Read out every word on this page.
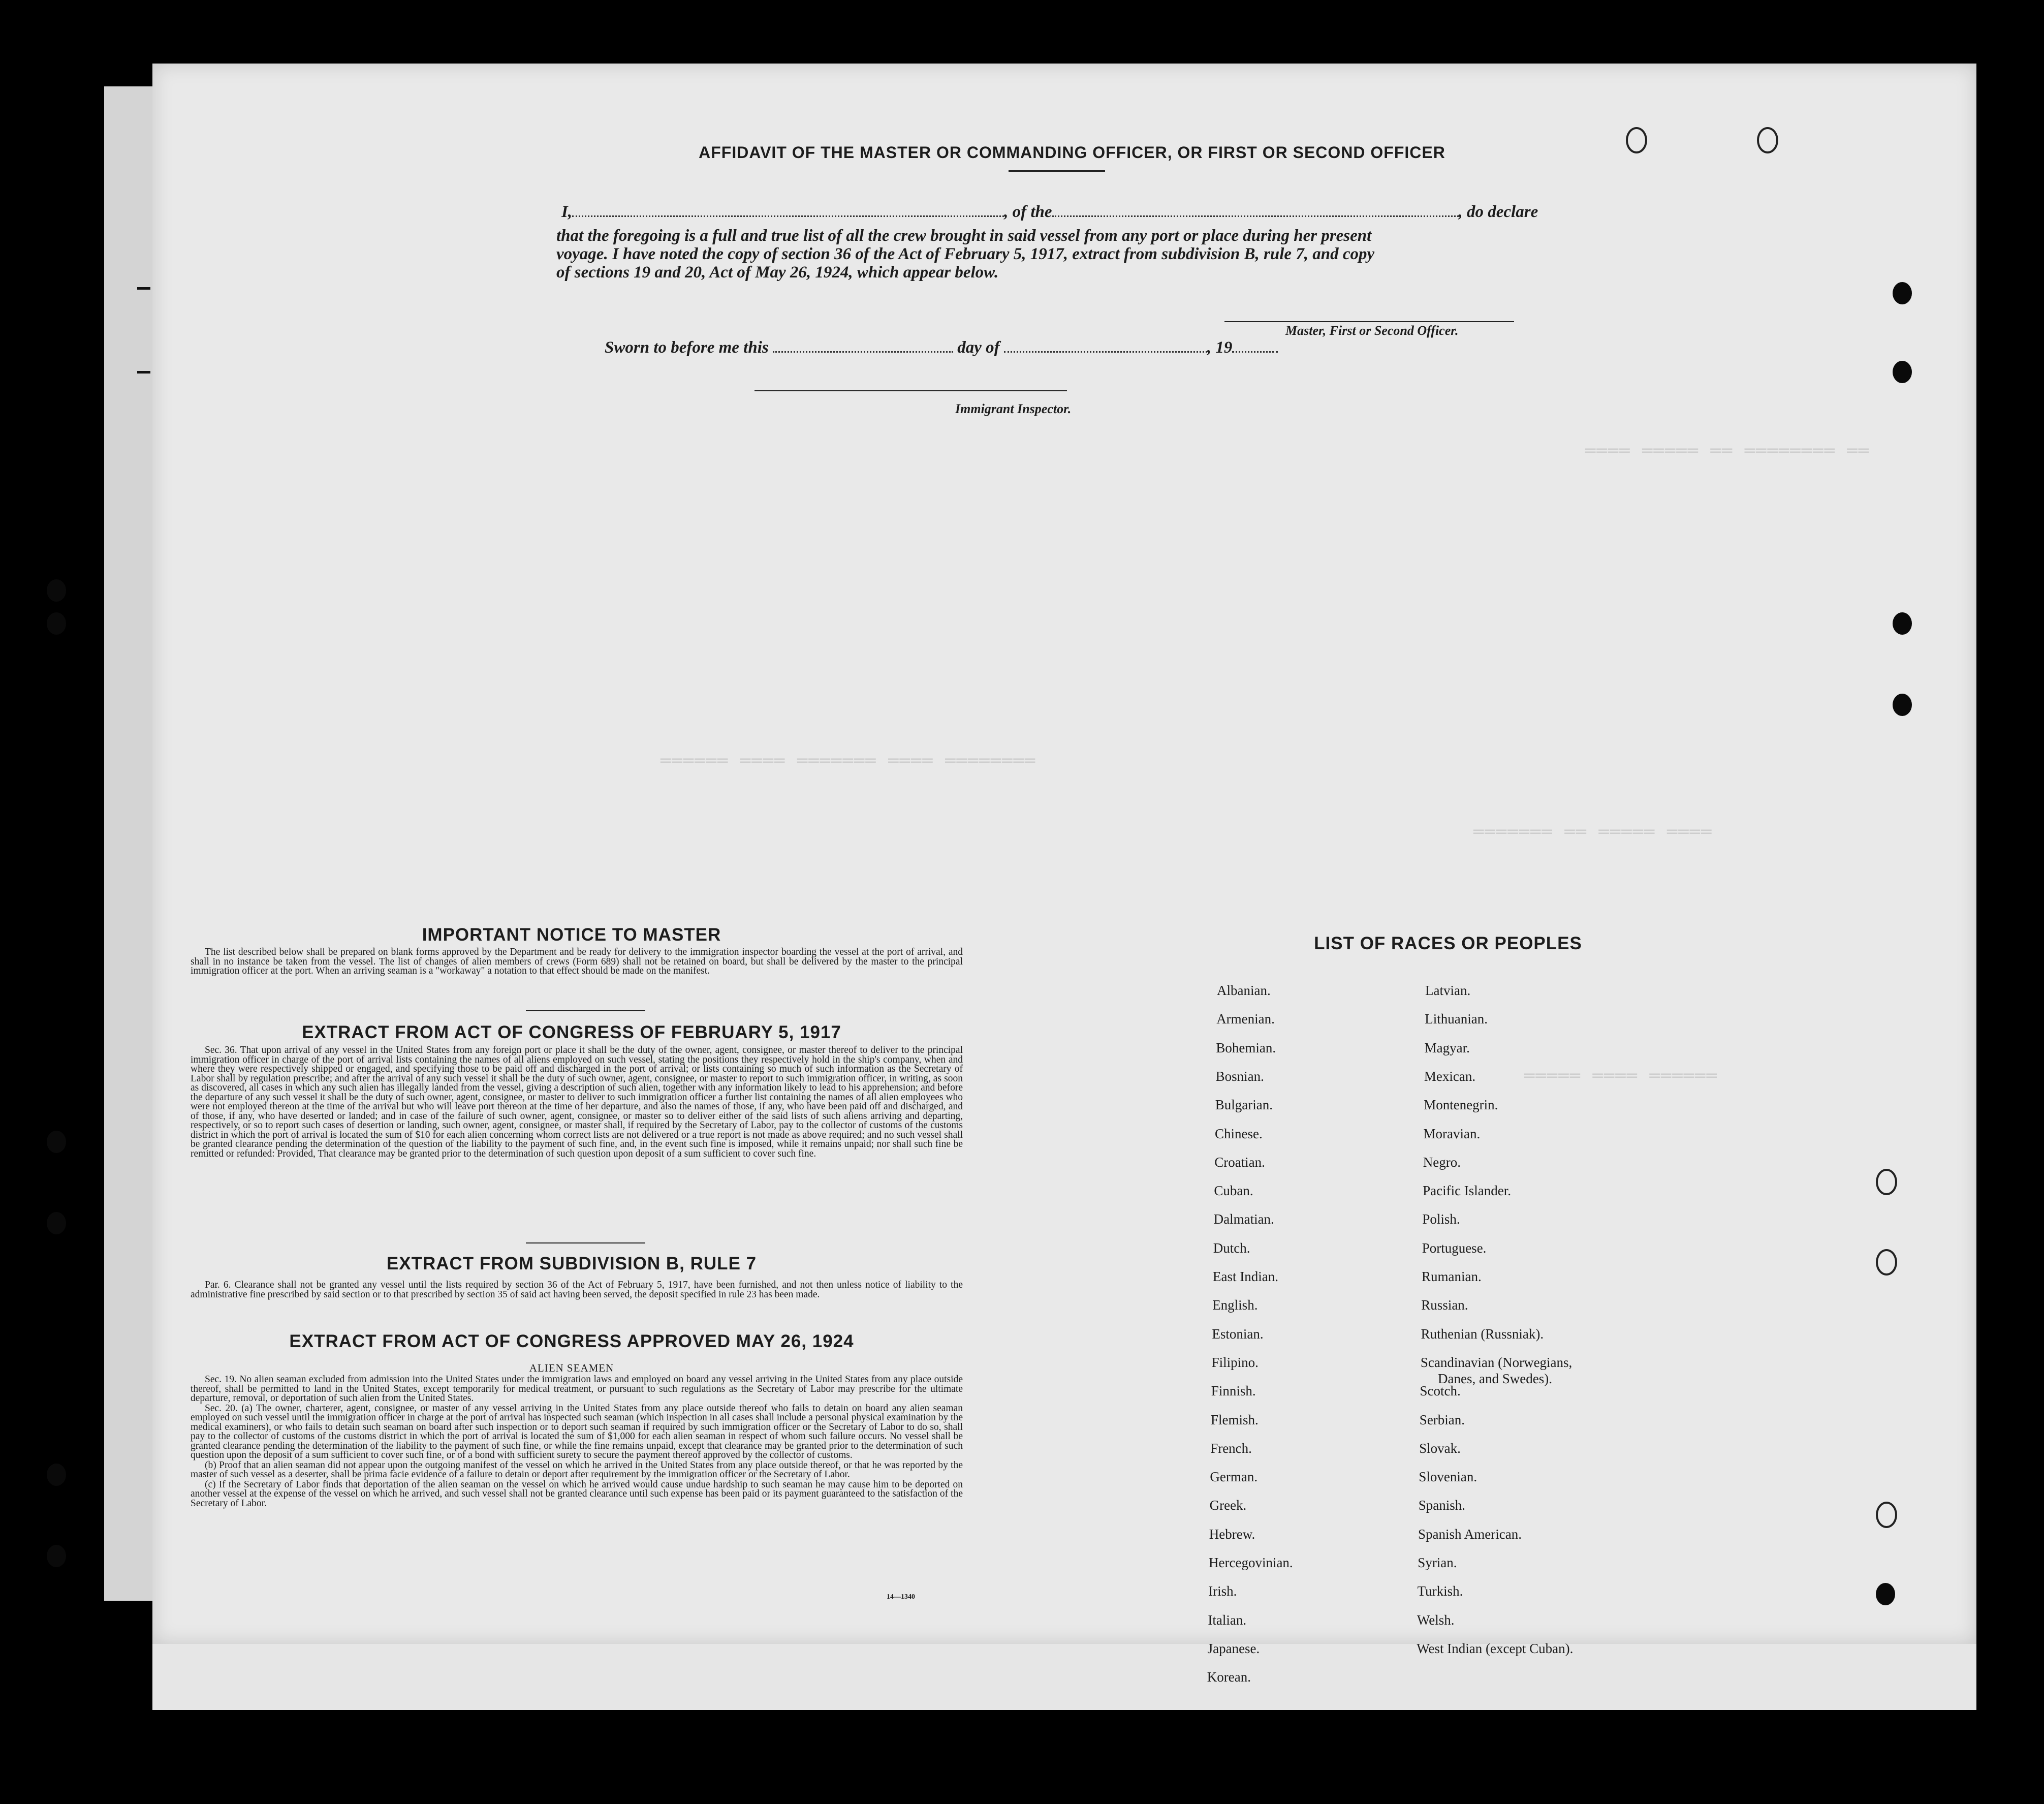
════ ═════ ══ ════════ ══
══════ ════ ═══════ ════ ════════
═══════ ══ ═════ ════
═════ ════ ══════
AFFIDAVIT OF THE MASTER OR COMMANDING OFFICER, OR FIRST OR SECOND OFFICER
I,	, of the	, do declare
that the foregoing is a full and true list of all the crew brought in said vessel from any port or place during her present
voyage. I have noted the copy of section 36 of the Act of February 5, 1917, extract from subdivision B, rule 7, and copy
of sections 19 and 20, Act of May 26, 1924, which appear below.
Master, First or Second Officer.
Sworn to before me this	day of	, 19
Immigrant Inspector.
IMPORTANT NOTICE TO MASTER

The list described below shall be prepared on blank forms approved by the Department and be ready for delivery to the immigration inspector boarding the vessel at the port of arrival, and shall in no instance be taken from the vessel. The list of changes of alien members of crews (Form 689) shall not be retained on board, but shall be delivered by the master to the principal immigration officer at the port. When an arriving seaman is a "workaway" a notation to that effect should be made on the manifest.

EXTRACT FROM ACT OF CONGRESS OF FEBRUARY 5, 1917

Sec. 36. That upon arrival of any vessel in the United States from any foreign port or place it shall be the duty of the owner, agent, consignee, or master thereof to deliver to the principal immigration officer in charge of the port of arrival lists containing the names of all aliens employed on such vessel, stating the positions they respectively hold in the ship's company, when and where they were respectively shipped or engaged, and specifying those to be paid off and discharged in the port of arrival; or lists containing so much of such information as the Secretary of Labor shall by regulation prescribe; and after the arrival of any such vessel it shall be the duty of such owner, agent, consignee, or master to report to such immigration officer, in writing, as soon as discovered, all cases in which any such alien has illegally landed from the vessel, giving a description of such alien, together with any information likely to lead to his apprehension; and before the departure of any such vessel it shall be the duty of such owner, agent, consignee, or master to deliver to such immigration officer a further list containing the names of all alien employees who were not employed thereon at the time of the arrival but who will leave port thereon at the time of her departure, and also the names of those, if any, who have been paid off and discharged, and of those, if any, who have deserted or landed; and in case of the failure of such owner, agent, consignee, or master so to deliver either of the said lists of such aliens arriving and departing, respectively, or so to report such cases of desertion or landing, such owner, agent, consignee, or master shall, if required by the Secretary of Labor, pay to the collector of customs of the customs district in which the port of arrival is located the sum of $10 for each alien concerning whom correct lists are not delivered or a true report is not made as above required; and no such vessel shall be granted clearance pending the determination of the question of the liability to the payment of such fine, and, in the event such fine is imposed, while it remains unpaid; nor shall such fine be remitted or refunded: Provided, That clearance may be granted prior to the determination of such question upon deposit of a sum sufficient to cover such fine.

EXTRACT FROM SUBDIVISION B, RULE 7

Par. 6. Clearance shall not be granted any vessel until the lists required by section 36 of the Act of February 5, 1917, have been furnished, and not then unless notice of liability to the administrative fine prescribed by said section or to that prescribed by section 35 of said act having been served, the deposit specified in rule 23 has been made.

EXTRACT FROM ACT OF CONGRESS APPROVED MAY 26, 1924
ALIEN SEAMEN

Sec. 19. No alien seaman excluded from admission into the United States under the immigration laws and employed on board any vessel arriving in the United States from any place outside thereof, shall be permitted to land in the United States, except temporarily for medical treatment, or pursuant to such regulations as the Secretary of Labor may prescribe for the ultimate departure, removal, or deportation of such alien from the United States.

Sec. 20. (a) The owner, charterer, agent, consignee, or master of any vessel arriving in the United States from any place outside thereof who fails to detain on board any alien seaman employed on such vessel until the immigration officer in charge at the port of arrival has inspected such seaman (which inspection in all cases shall include a personal physical examination by the medical examiners), or who fails to detain such seaman on board after such inspection or to deport such seaman if required by such immigration officer or the Secretary of Labor to do so, shall pay to the collector of customs of the customs district in which the port of arrival is located the sum of $1,000 for each alien seaman in respect of whom such failure occurs. No vessel shall be granted clearance pending the determination of the liability to the payment of such fine, or while the fine remains unpaid, except that clearance may be granted prior to the determination of such question upon the deposit of a sum sufficient to cover such fine, or of a bond with sufficient surety to secure the payment thereof approved by the collector of customs.

(b) Proof that an alien seaman did not appear upon the outgoing manifest of the vessel on which he arrived in the United States from any place outside thereof, or that he was reported by the master of such vessel as a deserter, shall be prima facie evidence of a failure to detain or deport after requirement by the immigration officer or the Secretary of Labor.

(c) If the Secretary of Labor finds that deportation of the alien seaman on the vessel on which he arrived would cause undue hardship to such seaman he may cause him to be deported on another vessel at the expense of the vessel on which he arrived, and such vessel shall not be granted clearance until such expense has been paid or its payment guaranteed to the satisfaction of the Secretary of Labor.

14—1340
LIST OF RACES OR PEOPLES
Albanian.
Armenian.
Bohemian.
Bosnian.
Bulgarian.
Chinese.
Croatian.
Cuban.
Dalmatian.
Dutch.
East Indian.
English.
Estonian.
Filipino.
Finnish.
Flemish.
French.
German.
Greek.
Hebrew.
Hercegovinian.
Irish.
Italian.
Japanese.
Korean.
Latvian.
Lithuanian.
Magyar.
Mexican.
Montenegrin.
Moravian.
Negro.
Pacific Islander.
Polish.
Portuguese.
Rumanian.
Russian.
Ruthenian (Russniak).
Scandinavian (Norwegians,
Danes, and Swedes).
Scotch.
Serbian.
Slovak.
Slovenian.
Spanish.
Spanish American.
Syrian.
Turkish.
Welsh.
West Indian (except Cuban).
